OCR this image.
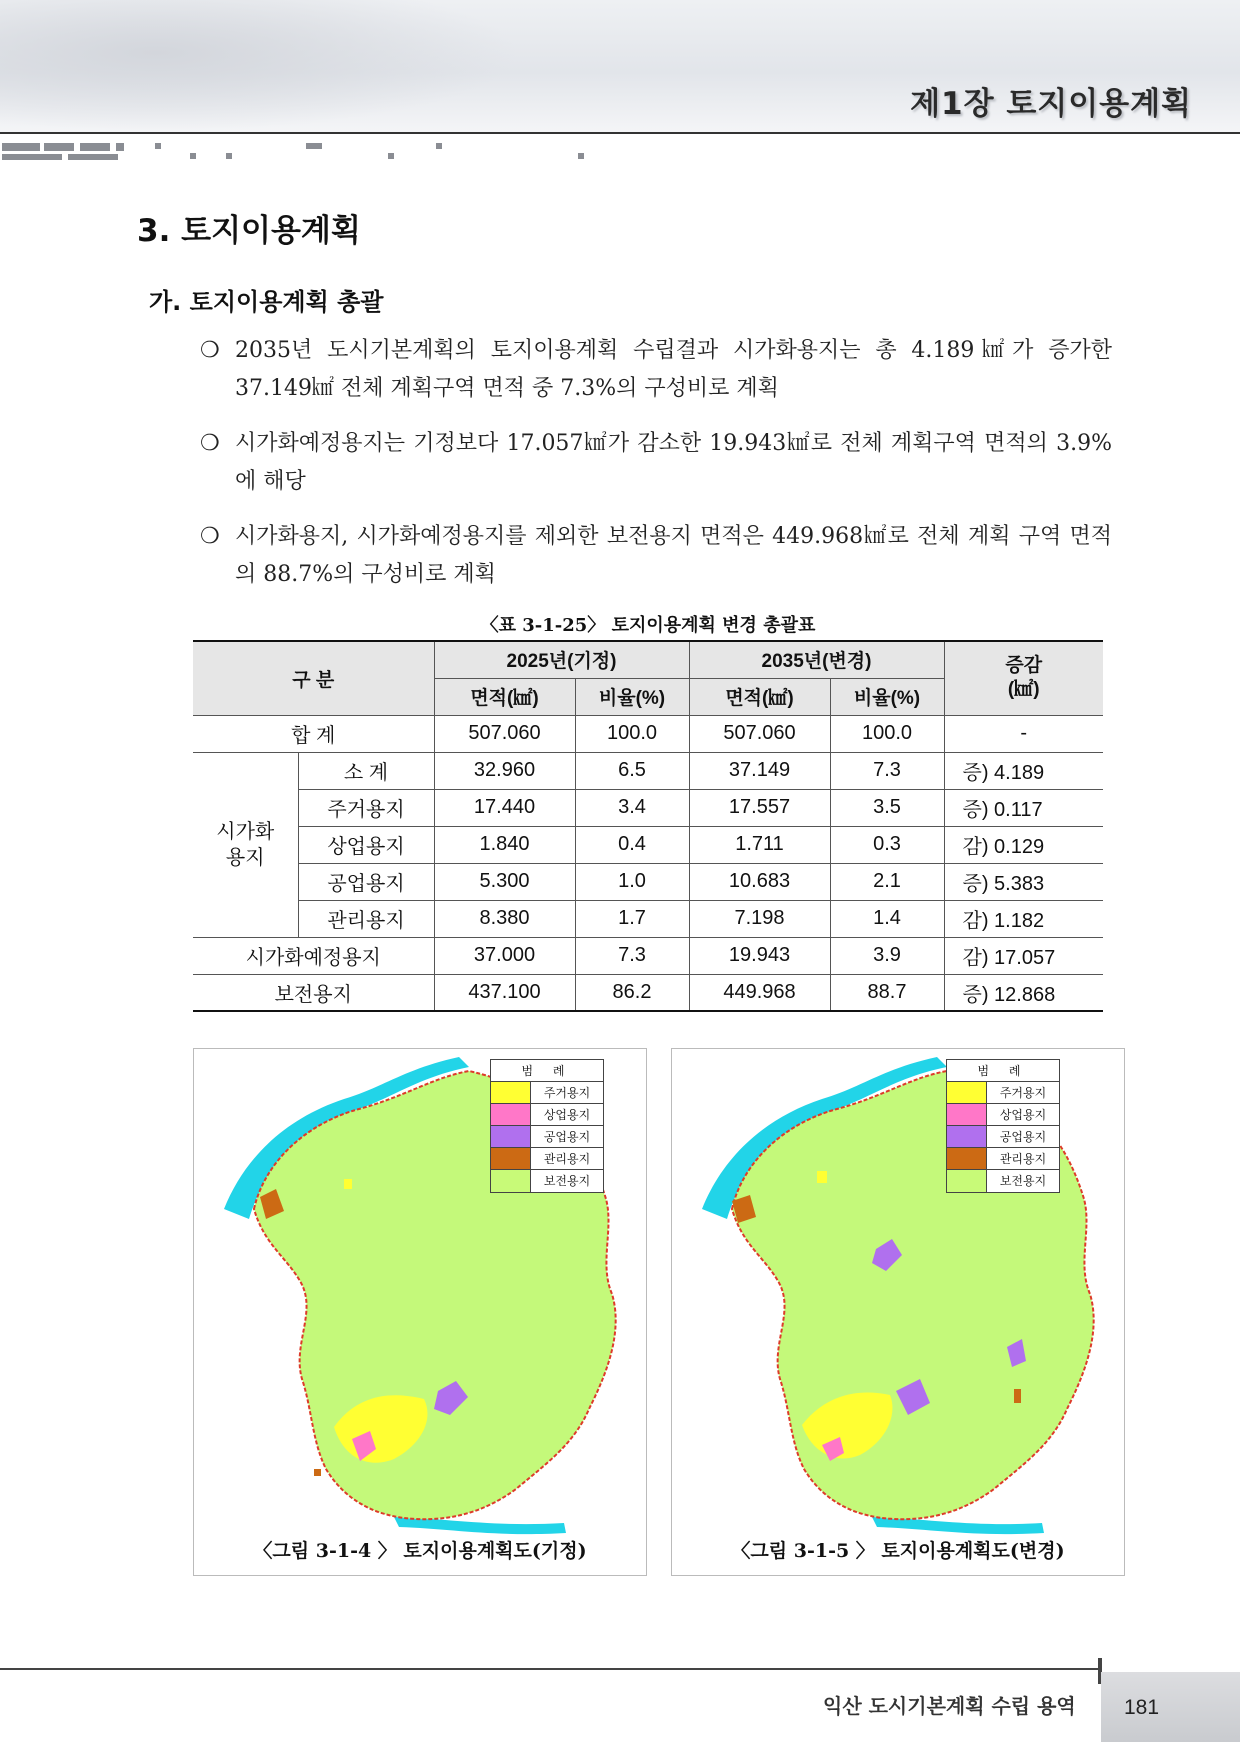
제1장 토지이용계획
3. 토지이용계획
가. 토지이용계획 총괄
❍ 2035년 도시기본계획의 토지이용계획 수립결과 시가화용지는 총 4.189㎢가 증가한 37.149㎢ 전체 계획구역 면적 중 7.3%의 구성비로 계획
❍ 시가화예정용지는 기정보다 17.057㎢가 감소한 19.943㎢로 전체 계획구역 면적의 3.9%에 해당
❍ 시가화용지, 시가화예정용지를 제외한 보전용지 면적은 449.968㎢로 전체 계획 구역 면적의 88.7%의 구성비로 계획
〈표 3-1-25〉 토지이용계획 변경 총괄표
구 분		2025년(기정)		2035년(변경)		증감
(㎢)
		면적(㎢)	비율(%)	면적(㎢)	비율(%)	
합 계		507.060	100.0	507.060	100.0	-
시가화
용지	소 계	32.960	6.5	37.149	7.3	증) 4.189
	주거용지	17.440	3.4	17.557	3.5	증) 0.117
	상업용지	1.840	0.4	1.711	0.3	감) 0.129
	공업용지	5.300	1.0	10.683	2.1	증) 5.383
	관리용지	8.380	1.7	7.198	1.4	감) 1.182
시가화예정용지		37.000	7.3	19.943	3.9	감) 17.057
보전용지		437.100	86.2	449.968	88.7	증) 12.868
범 례
주거용지
상업용지
공업용지
관리용지
보전용지
〈그림 3-1-4 〉 토지이용계획도(기정)
범 례
주거용지
상업용지
공업용지
관리용지
보전용지
〈그림 3-1-5 〉 토지이용계획도(변경)
익산 도시기본계획 수립 용역 181
